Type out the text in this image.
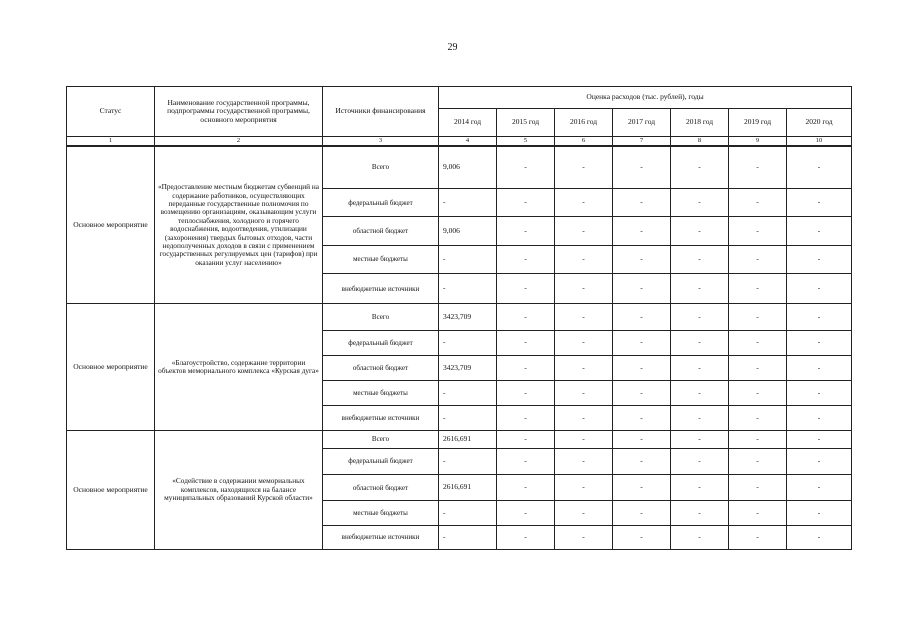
29
Статус	Наименование государственной программы, подпрограммы государственной программы, основного мероприятия	Источники финансирования	Оценка расходов (тыс. рублей), годы						
			2014 год	2015 год	2016 год	2017 год	2018 год	2019 год	2020 год
1	2	3	4	5	6	7	8	9	10
Основное мероприятие	«Предоставление местным бюджетам субвенций на содержание работников, осуществляющих переданные государственные полномочия по возмещению организациям, оказывающим услуги теплоснабжения, холодного и горячего водоснабжения, водоотведения, утилизации (захоронения) твердых бытовых отходов, части недополученных доходов в связи с применением государственных регулируемых цен (тарифов) при оказании услуг населению»	Всего	9,006	-	-	-	-	-	-
		федеральный бюджет	-	-	-	-	-	-	-
		областной бюджет	9,006	-	-	-	-	-	-
		местные бюджеты	-	-	-	-	-	-	-
		внебюджетные источники	-	-	-	-	-	-	-
Основное мероприятие	«Благоустройство, содержание территории объектов мемориального комплекса «Курская дуга»	Всего	3423,709	-	-	-	-	-	-
		федеральный бюджет	-	-	-	-	-	-	-
		областной бюджет	3423,709	-	-	-	-	-	-
		местные бюджеты	-	-	-	-	-	-	-
		внебюджетные источники	-	-	-	-	-	-	-
Основное мероприятие	«Содействие в содержании мемориальных комплексов, находящихся на балансе муниципальных образований Курской области»	Всего	2616,691	-	-	-	-	-	-
		федеральный бюджет	-	-	-	-	-	-	-
		областной бюджет	2616,691	-	-	-	-	-	-
		местные бюджеты	-	-	-	-	-	-	-
		внебюджетные источники	-	-	-	-	-	-	-
